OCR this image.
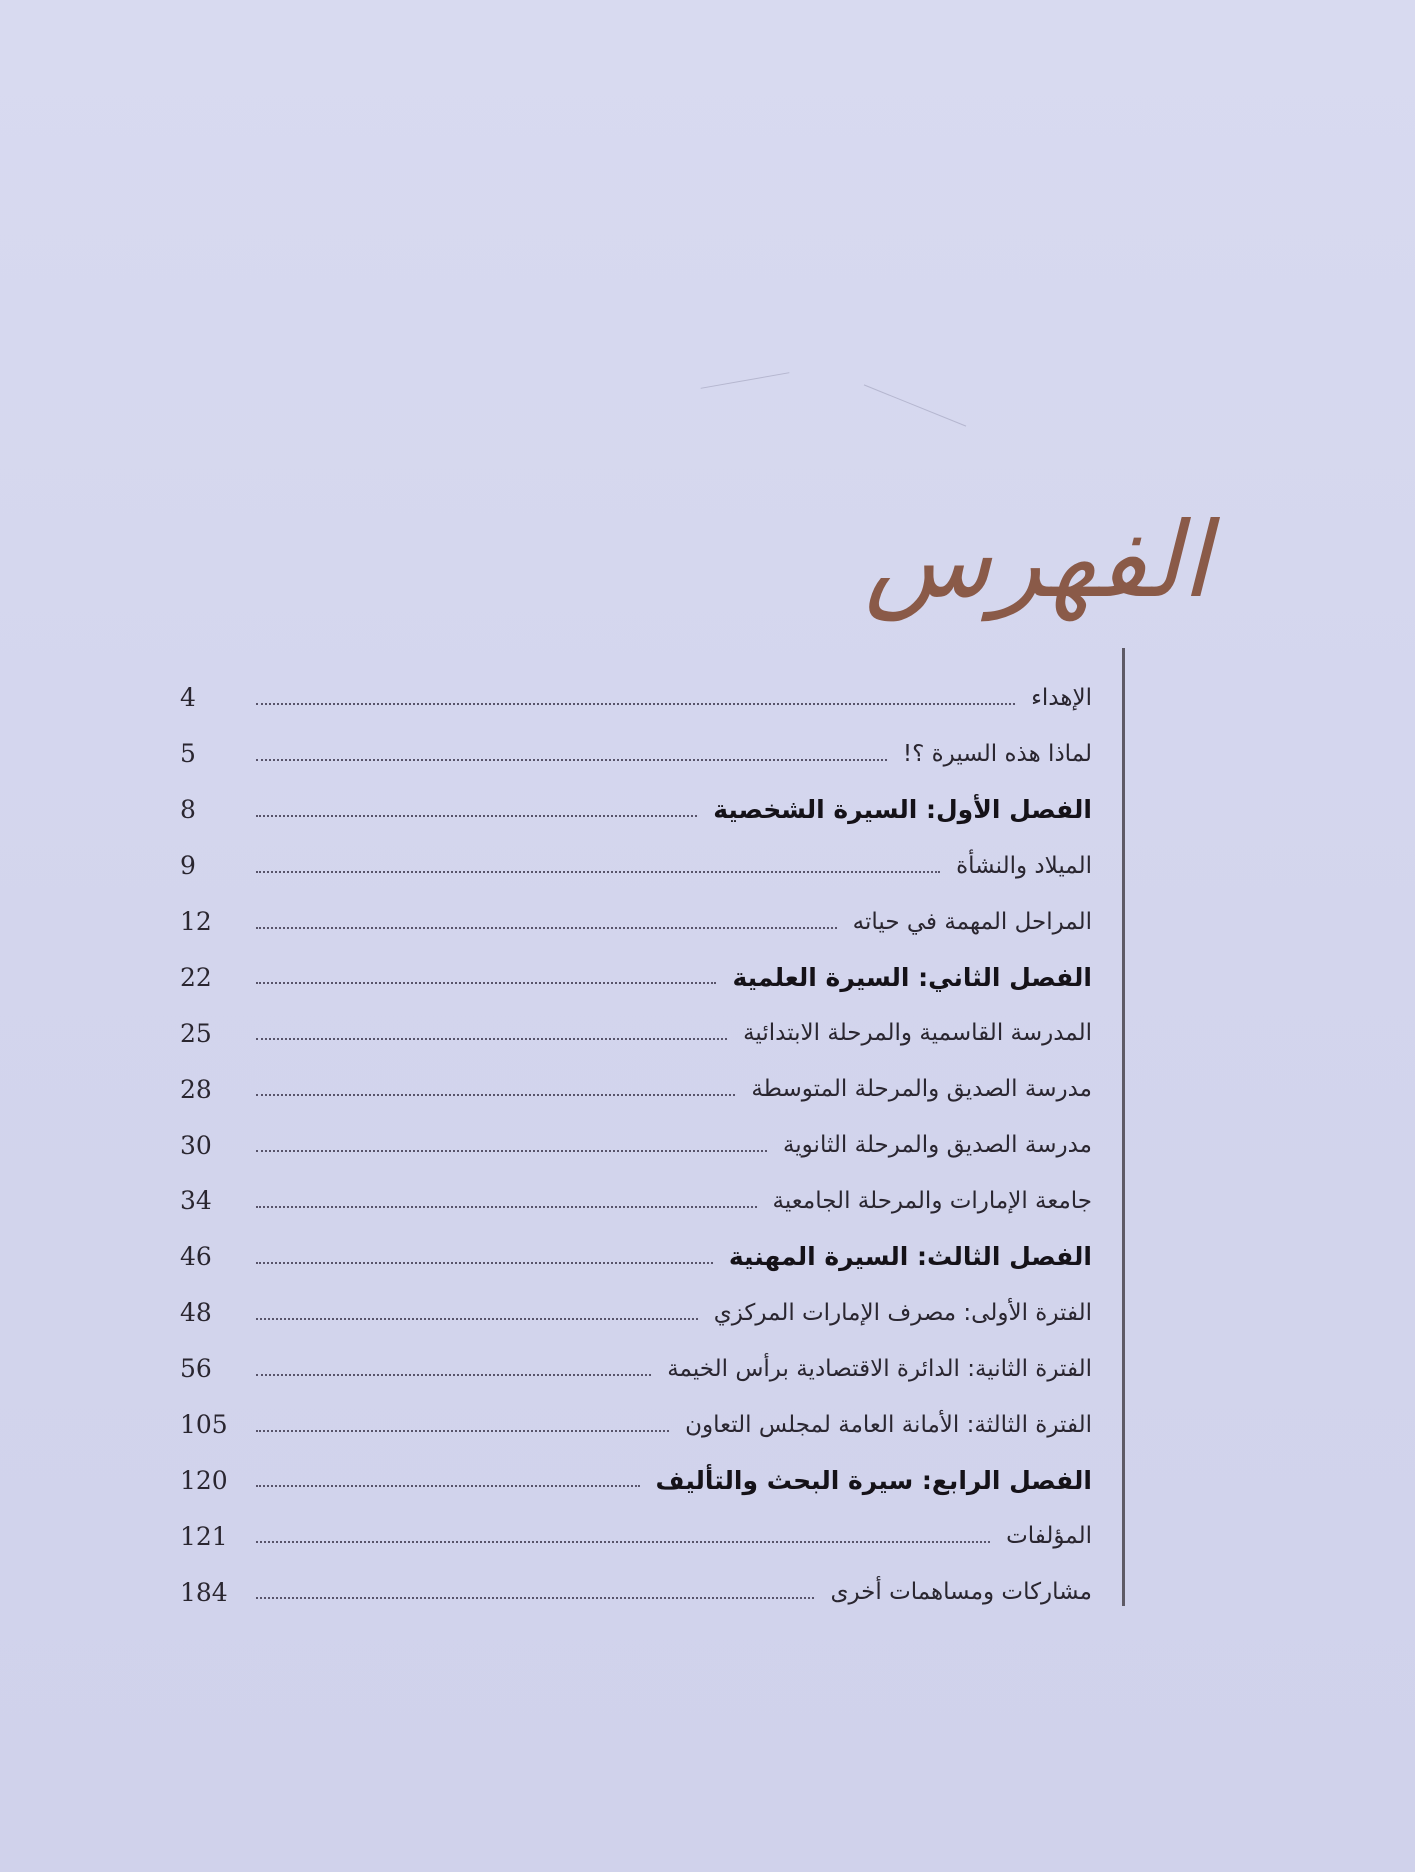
الفهرس
الإهداء
4
لماذا هذه السيرة ؟!
5
الفصل الأول: السيرة الشخصية
8
الميلاد والنشأة
9
المراحل المهمة في حياته
12
الفصل الثاني: السيرة العلمية
22
المدرسة القاسمية والمرحلة الابتدائية
25
مدرسة الصديق والمرحلة المتوسطة
28
مدرسة الصديق والمرحلة الثانوية
30
جامعة الإمارات والمرحلة الجامعية
34
الفصل الثالث: السيرة المهنية
46
الفترة الأولى: مصرف الإمارات المركزي
48
الفترة الثانية: الدائرة الاقتصادية برأس الخيمة
56
الفترة الثالثة: الأمانة العامة لمجلس التعاون
105
الفصل الرابع: سيرة البحث والتأليف
120
المؤلفات
121
مشاركات ومساهمات أخرى
184
